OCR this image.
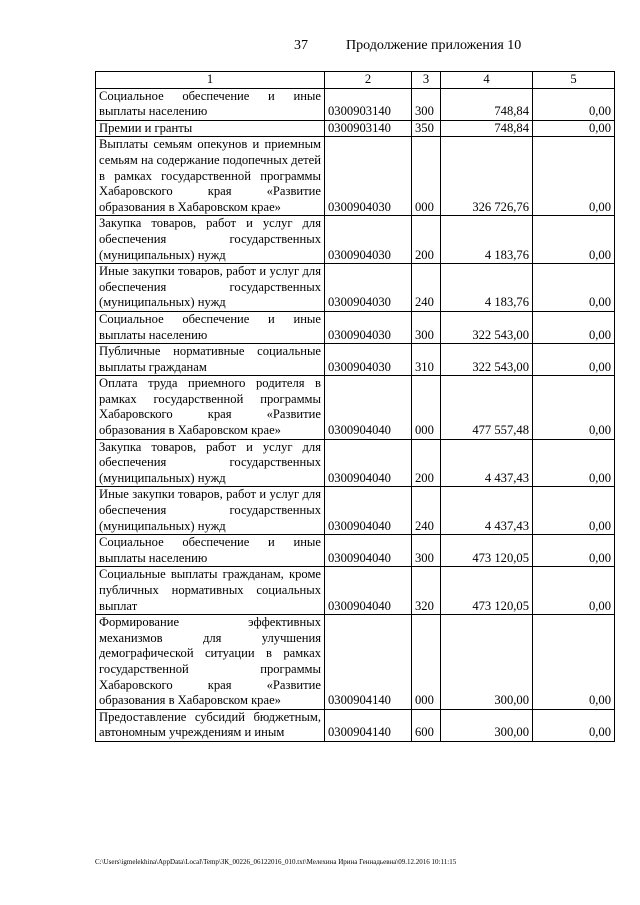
37	Продолжение приложения 10
1	2	3	4	5
Социальное обеспечение и иные выплаты населению	0300903140	300	748,84	0,00
Премии и гранты	0300903140	350	748,84	0,00
Выплаты семьям опекунов и приемным семьям на содержание подопечных детей в рамках государственной программы Хабаровского края «Развитие образования в Хабаровском крае»	0300904030	000	326 726,76	0,00
Закупка товаров, работ и услуг для обеспечения государственных (муниципальных) нужд	0300904030	200	4 183,76	0,00
Иные закупки товаров, работ и услуг для обеспечения государственных (муниципальных) нужд	0300904030	240	4 183,76	0,00
Социальное обеспечение и иные выплаты населению	0300904030	300	322 543,00	0,00
Публичные нормативные социальные выплаты гражданам	0300904030	310	322 543,00	0,00
Оплата труда приемного родителя в рамках государственной программы Хабаровского края «Развитие образования в Хабаровском крае»	0300904040	000	477 557,48	0,00
Закупка товаров, работ и услуг для обеспечения государственных (муниципальных) нужд	0300904040	200	4 437,43	0,00
Иные закупки товаров, работ и услуг для обеспечения государственных (муниципальных) нужд	0300904040	240	4 437,43	0,00
Социальное обеспечение и иные выплаты населению	0300904040	300	473 120,05	0,00
Социальные выплаты гражданам, кроме публичных нормативных социальных выплат	0300904040	320	473 120,05	0,00
Формирование эффективных механизмов для улучшения демографической ситуации в рамках государственной программы Хабаровского края «Развитие образования в Хабаровском крае»	0300904140	000	300,00	0,00
Предоставление субсидий бюджетным, автономным учреждениям и иным	0300904140	600	300,00	0,00
C:\Users\igmelekhina\AppData\Local\Temp\ЗК_00226_06122016_010.txt\Мелехина Ирина Геннадьевна\09.12.2016 10:11:15
